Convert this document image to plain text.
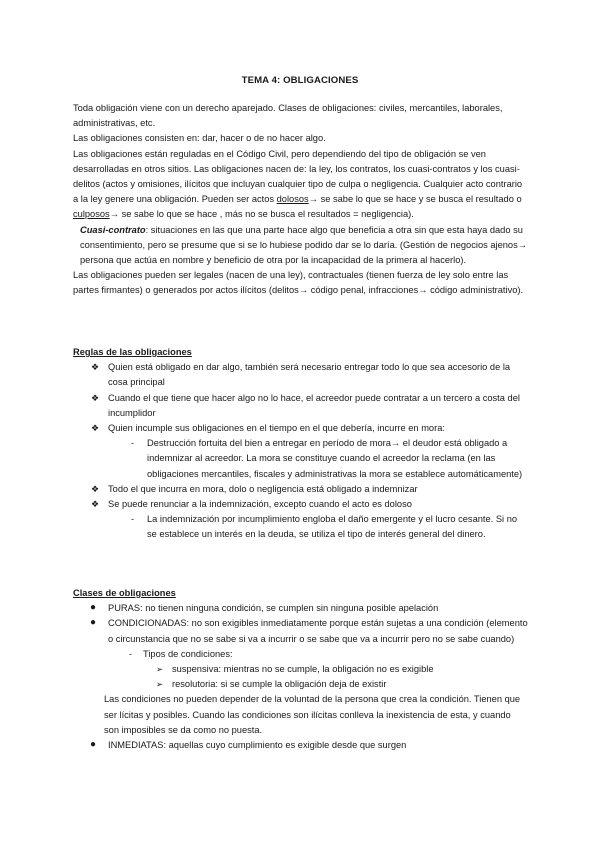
TEMA 4: OBLIGACIONES

Toda obligación viene con un derecho aparejado. Clases de obligaciones: civiles, mercantiles, laborales, administrativas, etc.

Las obligaciones consisten en: dar, hacer o de no hacer algo.

Las obligaciones están reguladas en el Código Civil, pero dependiendo del tipo de obligación se ven desarrolladas en otros sitios. Las obligaciones nacen de: la ley, los contratos, los cuasi-contratos y los cuasi-delitos (actos y omisiones, ilícitos que incluyan cualquier tipo de culpa o negligencia. Cualquier acto contrario a la ley genere una obligación. Pueden ser actos dolosos→ se sabe lo que se hace y se busca el resultado o culposos→ se sabe lo que se hace , más no se busca el resultados = negligencia).

Cuasi-contrato: situaciones en las que una parte hace algo que beneficia a otra sin que esta haya dado su consentimiento, pero se presume que si se lo hubiese podido dar se lo daría. (Gestión de negocios ajenos→ persona que actúa en nombre y beneficio de otra por la incapacidad de la primera al hacerlo).

Las obligaciones pueden ser legales (nacen de una ley), contractuales (tienen fuerza de ley solo entre las partes firmantes) o generados por actos ilícitos (delitos→ código penal, infracciones→ código administrativo).

Reglas de las obligaciones

❖ Quien está obligado en dar algo, también será necesario entregar todo lo que sea accesorio de la cosa principal
❖ Cuando el que tiene que hacer algo no lo hace, el acreedor puede contratar a un tercero a costa del incumplidor
❖ Quien incumple sus obligaciones en el tiempo en el que debería, incurre en mora:
- Destrucción fortuita del bien a entregar en período de mora→ el deudor está obligado a indemnizar al acreedor. La mora se constituye cuando el acreedor la reclama (en las obligaciones mercantiles, fiscales y administrativas la mora se establece automáticamente)
❖ Todo el que incurra en mora, dolo o negligencia está obligado a indemnizar
❖ Se puede renunciar a la indemnización, excepto cuando el acto es doloso
- La indemnización por incumplimiento engloba el daño emergente y el lucro cesante. Si no se establece un interés en la deuda, se utiliza el tipo de interés general del dinero.

Clases de obligaciones

● PURAS: no tienen ninguna condición, se cumplen sin ninguna posible apelación
● CONDICIONADAS: no son exigibles inmediatamente porque están sujetas a una condición (elemento o circunstancia que no se sabe si va a incurrir o se sabe que va a incurrir pero no se sabe cuando)
- Tipos de condiciones:
➢ suspensiva: mientras no se cumple, la obligación no es exigible
➢ resolutoria: si se cumple la obligación deja de existir
Las condiciones no pueden depender de la voluntad de la persona que crea la condición. Tienen que ser lícitas y posibles. Cuando las condiciones son ilícitas conlleva la inexistencia de esta, y cuando son imposibles se da como no puesta.
● INMEDIATAS: aquellas cuyo cumplimiento es exigible desde que surgen
